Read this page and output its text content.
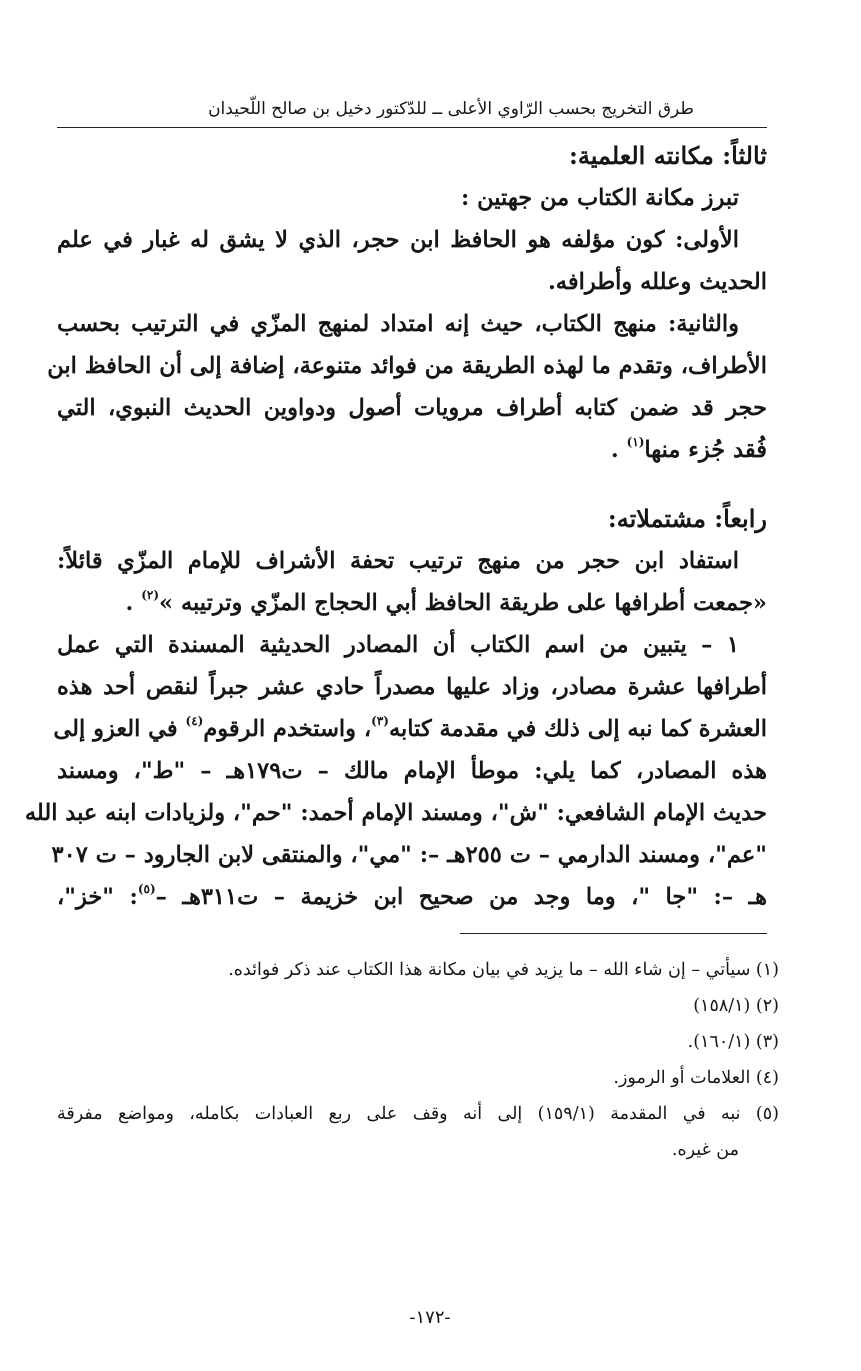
طرق التخريج بحسب الرّاوي الأعلى ــ للدّكتور دخيل بن صالح اللّحيدان
ثالثاً: مكانته العلمية:
تبرز مكانة الكتاب من جهتين :
الأولى: كون مؤلفه هو الحافظ ابن حجر، الذي لا يشق له غبار في علم
الحديث وعلله وأطرافه.
والثانية: منهج الكتاب، حيث إنه امتداد لمنهج المزّي في الترتيب بحسب
الأطراف، وتقدم ما لهذه الطريقة من فوائد متنوعة، إضافة إلى أن الحافظ ابن
حجر قد ضمن كتابه أطراف مرويات أصول ودواوين الحديث النبوي، التي
فُقد جُزء منها$^{(١)}$ .
رابعاً: مشتملاته:
استفاد ابن حجر من منهج ترتيب تحفة الأشراف للإمام المزّي قائلاً:
«جمعت أطرافها على طريقة الحافظ أبي الحجاج المزّي وترتيبه »$^{(٢)}$ .
١ – يتبين من اسم الكتاب أن المصادر الحديثية المسندة التي عمل
أطرافها عشرة مصادر، وزاد عليها مصدراً حادي عشر جبراً لنقص أحد هذه
العشرة كما نبه إلى ذلك في مقدمة كتابه$^{(٣)}$، واستخدم الرقوم$^{(٤)}$ في العزو إلى
هذه المصادر، كما يلي: موطأ الإمام مالك – ت١٧٩هـ – "ط"، ومسند
حديث الإمام الشافعي: "ش"، ومسند الإمام أحمد: "حم"، ولزيادات ابنه عبد الله
"عم"، ومسند الدارمي – ت ٢٥٥هـ –: "مي"، والمنتقى لابن الجارود – ت ٣٠٧
هـ –: "جا "، وما وجد من صحيح ابن خزيمة – ت٣١١هـ –$^{(٥)}$: "خز"،
(١) سيأتي – إن شاء الله – ما يزيد في بيان مكانة هذا الكتاب عند ذكر فوائده.
(٢) (١٥٨/١)
(٣) (١٦٠/١).
(٤) العلامات أو الرموز.
(٥) نبه في المقدمة (١٥٩/١) إلى أنه وقف على ربع العبادات بكامله، ومواضع مفرقة
من غيره.
-١٧٢-
